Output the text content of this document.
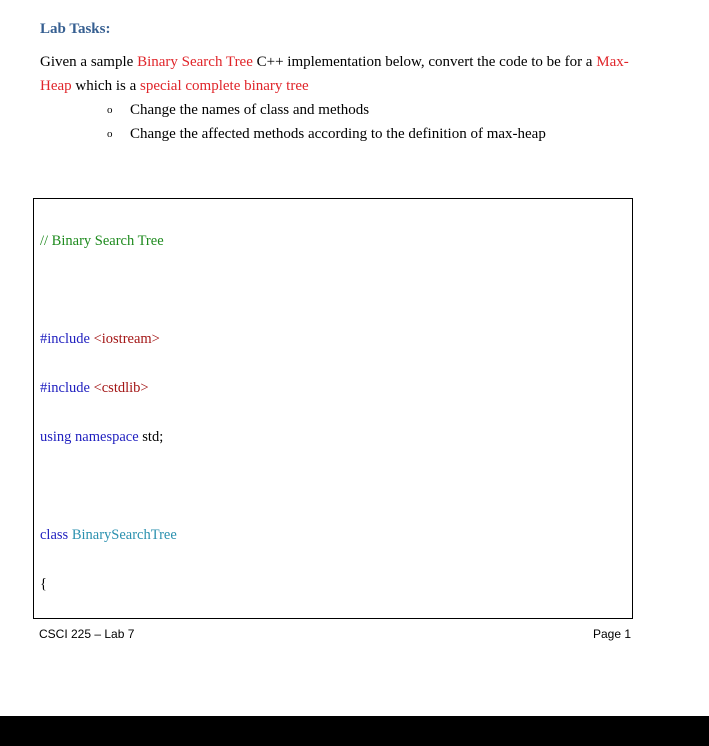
Lab Tasks:
Given a sample Binary Search Tree C++ implementation below, convert the code to be for a Max-Heap which is a special complete binary tree
o Change the names of class and methods
o Change the affected methods according to the definition of max-heap

// Binary Search Tree

#include <iostream>

#include <cstdlib>

using namespace std;

class BinarySearchTree

{

CSCI 225 – Lab 7	Page 1
